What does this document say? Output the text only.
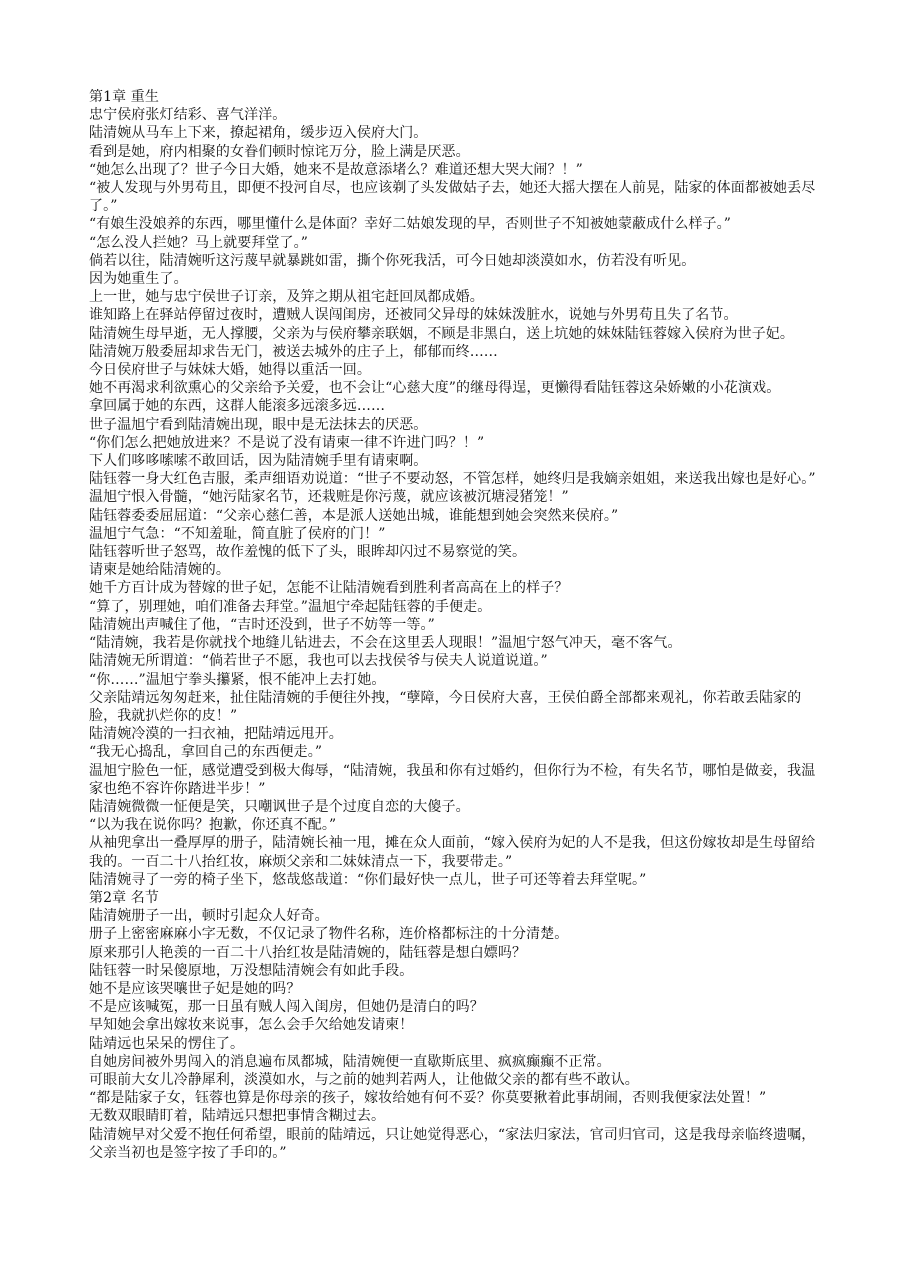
第1章 重生

忠宁侯府张灯结彩、喜气洋洋。

陆清婉从马车上下来，撩起裙角，缓步迈入侯府大门。

看到是她，府内相聚的女眷们顿时惊诧万分，脸上满是厌恶。

“她怎么出现了？世子今日大婚，她来不是故意添堵么？难道还想大哭大闹？！”

“被人发现与外男苟且，即便不投河自尽，也应该剃了头发做姑子去，她还大摇大摆在人前晃，陆家的体面都被她丢尽了。”

“有娘生没娘养的东西，哪里懂什么是体面？幸好二姑娘发现的早，否则世子不知被她蒙蔽成什么样子。”

“怎么没人拦她？马上就要拜堂了。”

倘若以往，陆清婉听这污蔑早就暴跳如雷，撕个你死我活，可今日她却淡漠如水，仿若没有听见。

因为她重生了。

上一世，她与忠宁侯世子订亲，及笄之期从祖宅赶回凤都成婚。

谁知路上在驿站停留过夜时，遭贼人误闯闺房，还被同父异母的妹妹泼脏水，说她与外男苟且失了名节。

陆清婉生母早逝，无人撑腰，父亲为与侯府攀亲联姻，不顾是非黑白，送上坑她的妹妹陆钰蓉嫁入侯府为世子妃。

陆清婉万般委屈却求告无门，被送去城外的庄子上，郁郁而终……

今日侯府世子与妹妹大婚，她得以重活一回。

她不再渴求利欲熏心的父亲给予关爱，也不会让“心慈大度”的继母得逞，更懒得看陆钰蓉这朵娇嫩的小花演戏。

拿回属于她的东西，这群人能滚多远滚多远……

世子温旭宁看到陆清婉出现，眼中是无法抹去的厌恶。

“你们怎么把她放进来？不是说了没有请柬一律不许进门吗？！”

下人们哆哆嗦嗦不敢回话，因为陆清婉手里有请柬啊。

陆钰蓉一身大红色吉服，柔声细语劝说道：“世子不要动怒，不管怎样，她终归是我嫡亲姐姐，来送我出嫁也是好心。”

温旭宁恨入骨髓，“她污陆家名节，还栽赃是你污蔑，就应该被沉塘浸猪笼！”

陆钰蓉委委屈屈道：“父亲心慈仁善，本是派人送她出城，谁能想到她会突然来侯府。”

温旭宁气急：“不知羞耻，简直脏了侯府的门！”

陆钰蓉听世子怒骂，故作羞愧的低下了头，眼眸却闪过不易察觉的笑。

请柬是她给陆清婉的。

她千方百计成为替嫁的世子妃，怎能不让陆清婉看到胜利者高高在上的样子？

“算了，别理她，咱们准备去拜堂。”温旭宁牵起陆钰蓉的手便走。

陆清婉出声喊住了他，“吉时还没到，世子不妨等一等。”

“陆清婉，我若是你就找个地缝儿钻进去，不会在这里丢人现眼！”温旭宁怒气冲天，毫不客气。

陆清婉无所谓道：“倘若世子不愿，我也可以去找侯爷与侯夫人说道说道。”

“你……”温旭宁拳头攥紧，恨不能冲上去打她。

父亲陆靖远匆匆赶来，扯住陆清婉的手便往外拽，“孽障，今日侯府大喜，王侯伯爵全部都来观礼，你若敢丢陆家的脸，我就扒烂你的皮！”

陆清婉冷漠的一扫衣袖，把陆靖远甩开。

“我无心捣乱，拿回自己的东西便走。”

温旭宁脸色一怔，感觉遭受到极大侮辱，“陆清婉，我虽和你有过婚约，但你行为不检，有失名节，哪怕是做妾，我温家也绝不容许你踏进半步！”

陆清婉微微一怔便是笑，只嘲讽世子是个过度自恋的大傻子。

“以为我在说你吗？抱歉，你还真不配。”

从袖兜拿出一叠厚厚的册子，陆清婉长袖一甩，摊在众人面前，“嫁入侯府为妃的人不是我，但这份嫁妆却是生母留给我的。一百二十八抬红妆，麻烦父亲和二妹妹清点一下，我要带走。”

陆清婉寻了一旁的椅子坐下，悠哉悠哉道：“你们最好快一点儿，世子可还等着去拜堂呢。”

第2章 名节

陆清婉册子一出，顿时引起众人好奇。

册子上密密麻麻小字无数，不仅记录了物件名称，连价格都标注的十分清楚。

原来那引人艳羡的一百二十八抬红妆是陆清婉的，陆钰蓉是想白嫖吗？

陆钰蓉一时呆傻原地，万没想陆清婉会有如此手段。

她不是应该哭嚷世子妃是她的吗？

不是应该喊冤，那一日虽有贼人闯入闺房，但她仍是清白的吗？

早知她会拿出嫁妆来说事，怎么会手欠给她发请柬！

陆靖远也呆呆的愣住了。

自她房间被外男闯入的消息遍布凤都城，陆清婉便一直歇斯底里、疯疯癫癫不正常。

可眼前大女儿冷静犀利，淡漠如水，与之前的她判若两人，让他做父亲的都有些不敢认。

“都是陆家子女，钰蓉也算是你母亲的孩子，嫁妆给她有何不妥？你莫要揪着此事胡闹，否则我便家法处置！”

无数双眼睛盯着，陆靖远只想把事情含糊过去。

陆清婉早对父爱不抱任何希望，眼前的陆靖远，只让她觉得恶心，“家法归家法，官司归官司，这是我母亲临终遗嘱，父亲当初也是签字按了手印的。”
